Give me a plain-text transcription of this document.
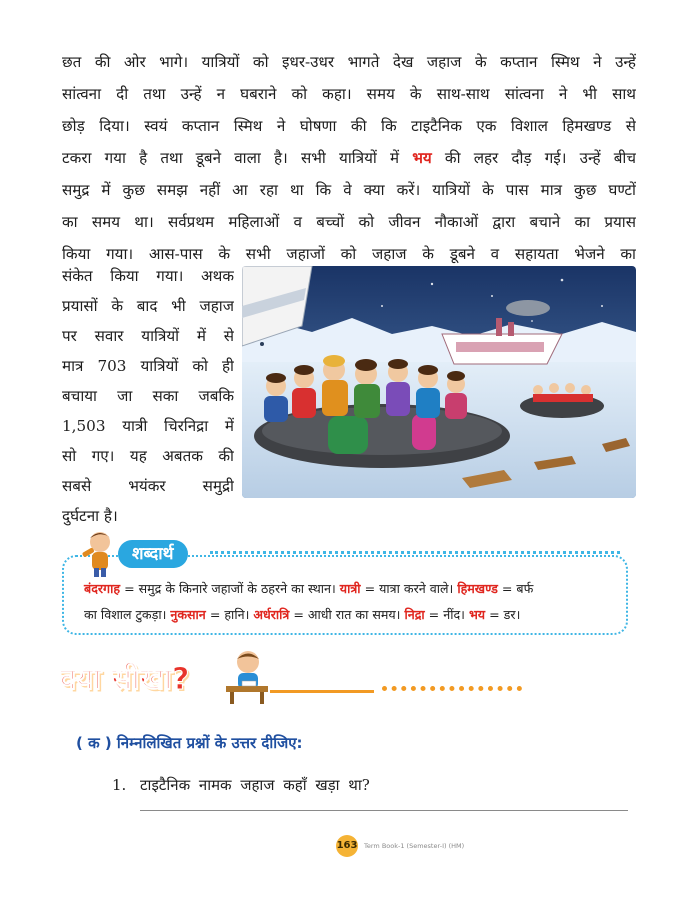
छत की ओर भागे। यात्रियों को इधर-उधर भागते देख जहाज के कप्तान स्मिथ ने उन्हें
सांत्वना दी तथा उन्हें न घबराने को कहा। समय के साथ-साथ सांत्वना ने भी साथ
छोड़ दिया। स्वयं कप्तान स्मिथ ने घोषणा की कि टाइटैनिक एक विशाल हिमखण्ड से
टकरा गया है तथा डूबने वाला है। सभी यात्रियों में भय की लहर दौड़ गई। उन्हें बीच
समुद्र में कुछ समझ नहीं आ रहा था कि वे क्या करें। यात्रियों के पास मात्र कुछ घण्टों
का समय था। सर्वप्रथम महिलाओं व बच्चों को जीवन नौकाओं द्वारा बचाने का प्रयास
किया गया। आस-पास के सभी जहाजों को जहाज के डूबने व सहायता भेजने का
संकेत किया गया। अथक
प्रयासों के बाद भी जहाज
पर सवार यात्रियों में से
मात्र 703 यात्रियों को ही
बचाया जा सका जबकि
1,503 यात्री चिरनिद्रा में
सो गए। यह अबतक की
सबसे भयंकर समुद्री
दुर्घटना है।
शब्दार्थ
बंदरगाह = समुद्र के किनारे जहाजों के ठहरने का स्थान। यात्री = यात्रा करने वाले। हिमखण्ड = बर्फ
का विशाल टुकड़ा। नुकसान = हानि। अर्धरात्रि = आधी रात का समय। निद्रा = नींद। भय = डर।
क्या सीखा?
( क ) निम्नलिखित प्रश्नों के उत्तर दीजिए:
1. टाइटैनिक नामक जहाज कहाँ खड़ा था?
163 Term Book-1 (Semester-I) (HM)
